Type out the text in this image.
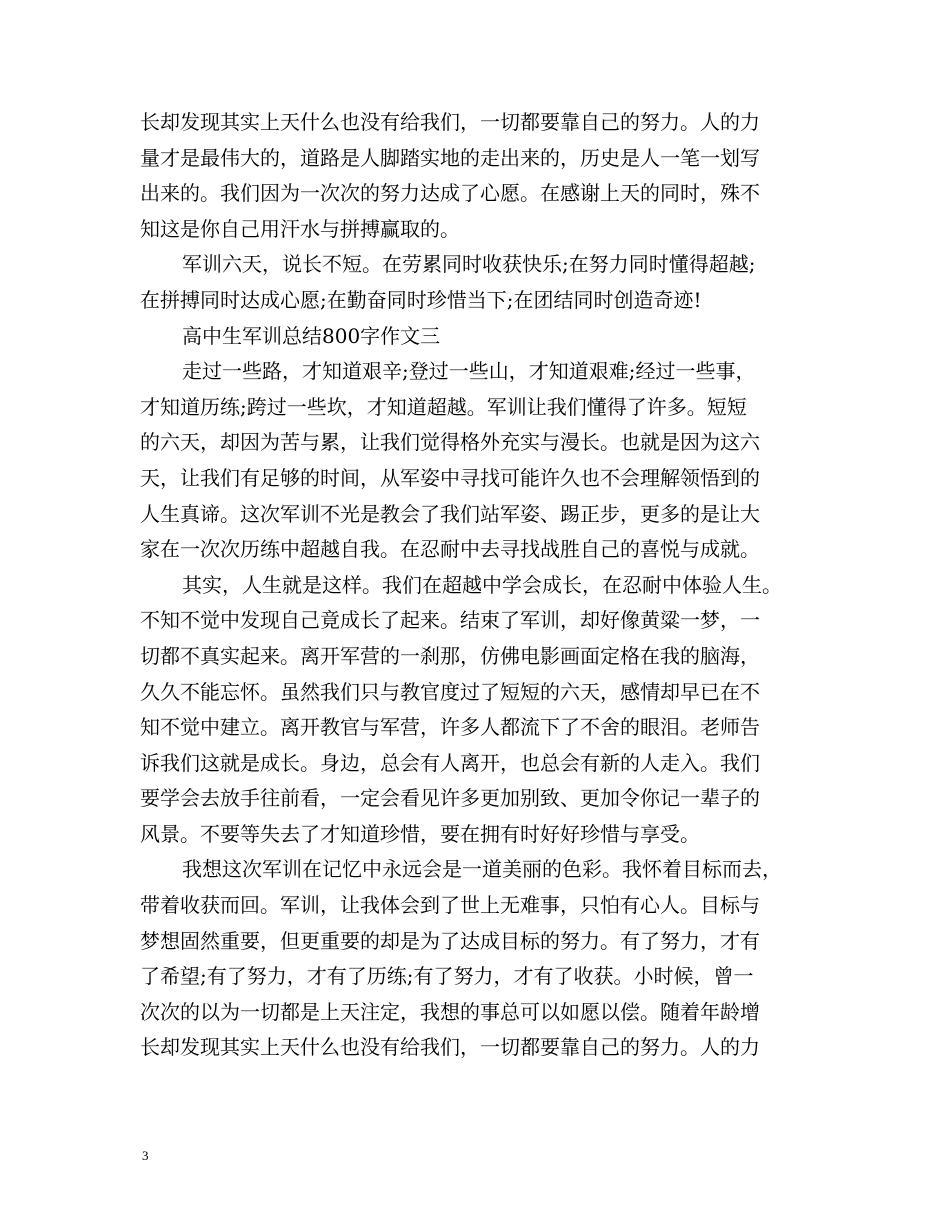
长却发现其实上天什么也没有给我们，一切都要靠自己的努力。人的力
量才是最伟大的，道路是人脚踏实地的走出来的，历史是人一笔一划写
出来的。我们因为一次次的努力达成了心愿。在感谢上天的同时，殊不
知这是你自己用汗水与拼搏赢取的。
军训六天，说长不短。在劳累同时收获快乐;在努力同时懂得超越;
在拼搏同时达成心愿;在勤奋同时珍惜当下;在团结同时创造奇迹!
高中生军训总结800字作文三
走过一些路，才知道艰辛;登过一些山，才知道艰难;经过一些事，
才知道历练;跨过一些坎，才知道超越。军训让我们懂得了许多。短短
的六天，却因为苦与累，让我们觉得格外充实与漫长。也就是因为这六
天，让我们有足够的时间，从军姿中寻找可能许久也不会理解领悟到的
人生真谛。这次军训不光是教会了我们站军姿、踢正步，更多的是让大
家在一次次历练中超越自我。在忍耐中去寻找战胜自己的喜悦与成就。
其实，人生就是这样。我们在超越中学会成长，在忍耐中体验人生。
不知不觉中发现自己竟成长了起来。结束了军训，却好像黄粱一梦，一
切都不真实起来。离开军营的一刹那，仿佛电影画面定格在我的脑海，
久久不能忘怀。虽然我们只与教官度过了短短的六天，感情却早已在不
知不觉中建立。离开教官与军营，许多人都流下了不舍的眼泪。老师告
诉我们这就是成长。身边，总会有人离开，也总会有新的人走入。我们
要学会去放手往前看，一定会看见许多更加别致、更加令你记一辈子的
风景。不要等失去了才知道珍惜，要在拥有时好好珍惜与享受。
我想这次军训在记忆中永远会是一道美丽的色彩。我怀着目标而去，
带着收获而回。军训，让我体会到了世上无难事，只怕有心人。目标与
梦想固然重要，但更重要的却是为了达成目标的努力。有了努力，才有
了希望;有了努力，才有了历练;有了努力，才有了收获。小时候，曾一
次次的以为一切都是上天注定，我想的事总可以如愿以偿。随着年龄增
长却发现其实上天什么也没有给我们，一切都要靠自己的努力。人的力
3
